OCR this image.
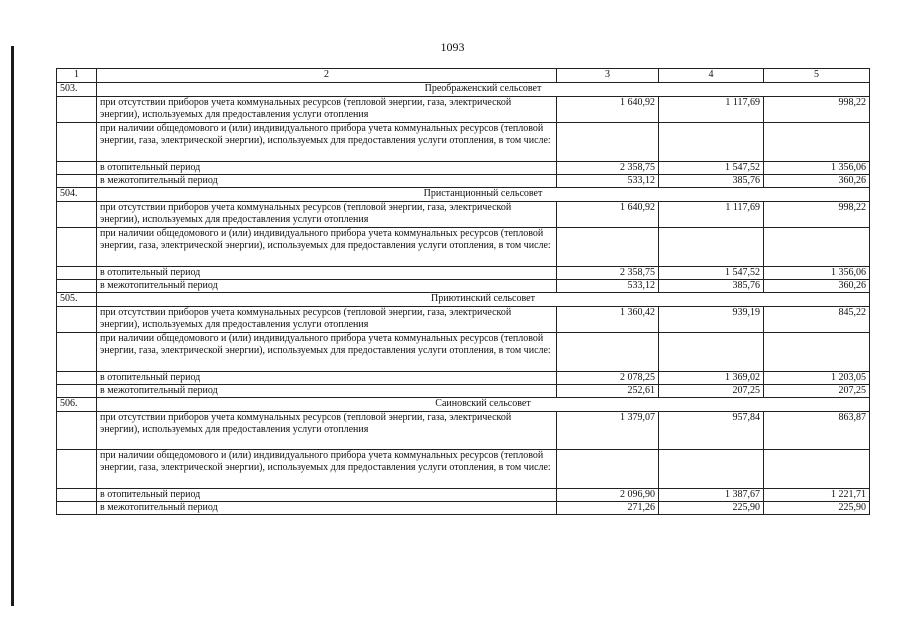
1093
1	2	3	4	5
503.	Преображенский сельсовет			
	при отсутствии приборов учета коммунальных ресурсов (тепловой энергии, газа, электрической энергии), используемых для предоставления услуги отопления	1 640,92	1 117,69	998,22
	при наличии общедомового и (или) индивидуального прибора учета коммунальных ресурсов (тепловой энергии, газа, электрической энергии), используемых для предоставления услуги отопления, в том числе:			
	в отопительный период	2 358,75	1 547,52	1 356,06
	в межотопительный период	533,12	385,76	360,26
504.	Пристанционный сельсовет			
	при отсутствии приборов учета коммунальных ресурсов (тепловой энергии, газа, электрической энергии), используемых для предоставления услуги отопления	1 640,92	1 117,69	998,22
	при наличии общедомового и (или) индивидуального прибора учета коммунальных ресурсов (тепловой энергии, газа, электрической энергии), используемых для предоставления услуги отопления, в том числе:			
	в отопительный период	2 358,75	1 547,52	1 356,06
	в межотопительный период	533,12	385,76	360,26
505.	Приютинский сельсовет			
	при отсутствии приборов учета коммунальных ресурсов (тепловой энергии, газа, электрической энергии), используемых для предоставления услуги отопления	1 360,42	939,19	845,22
	при наличии общедомового и (или) индивидуального прибора учета коммунальных ресурсов (тепловой энергии, газа, электрической энергии), используемых для предоставления услуги отопления, в том числе:			
	в отопительный период	2 078,25	1 369,02	1 203,05
	в межотопительный период	252,61	207,25	207,25
506.	Саиновский сельсовет			
	при отсутствии приборов учета коммунальных ресурсов (тепловой энергии, газа, электрической энергии), используемых для предоставления услуги отопления	1 379,07	957,84	863,87
	при наличии общедомового и (или) индивидуального прибора учета коммунальных ресурсов (тепловой энергии, газа, электрической энергии), используемых для предоставления услуги отопления, в том числе:			
	в отопительный период	2 096,90	1 387,67	1 221,71
	в межотопительный период	271,26	225,90	225,90
